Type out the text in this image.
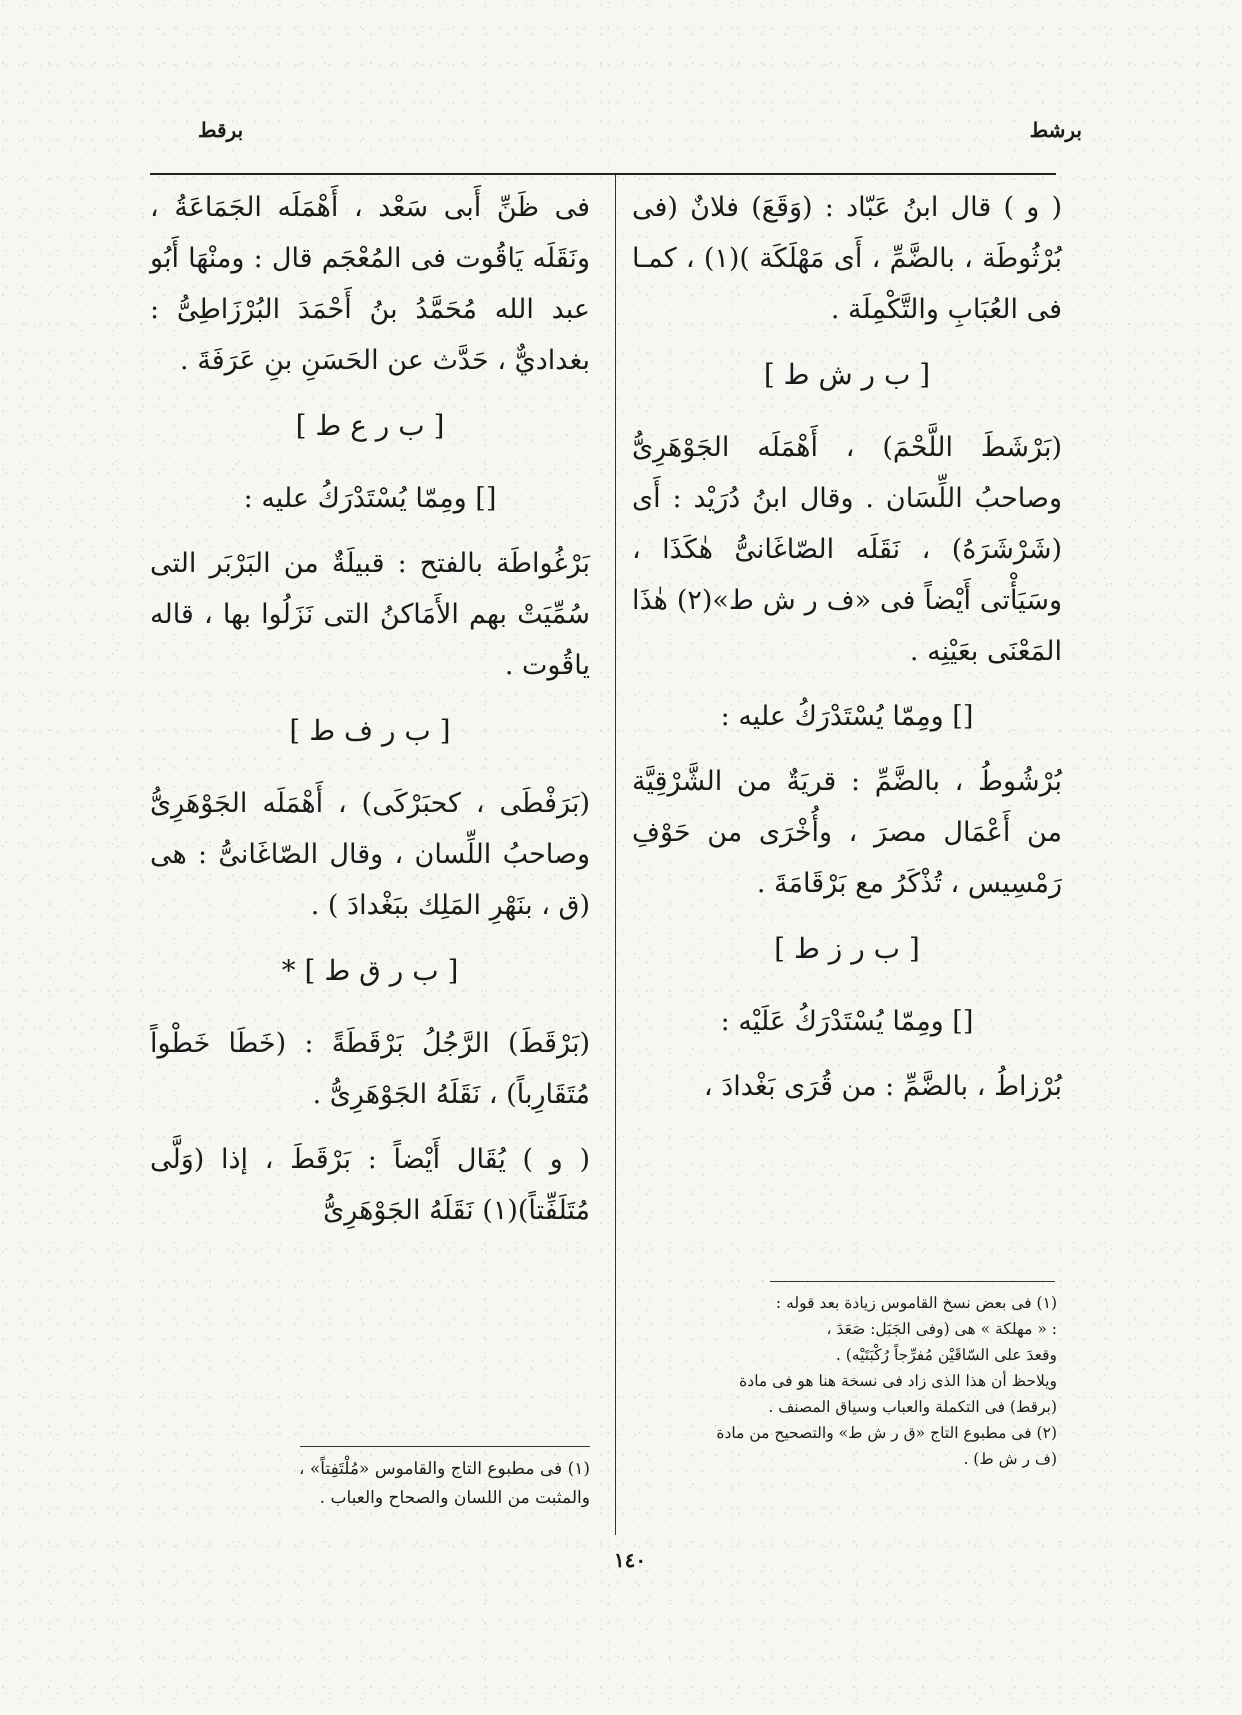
برشط
برقط

( و ) قال ابنُ عَبّاد : (وَقَعَ) فلانٌ (فى بُرْثُوطَة ، بالضَّمِّ ، أَى مَهْلَكَة )(١) ، كمـا فى العُبَابِ والتَّكْمِلَة .

[ ب ر ش ط ]

(بَرْشَطَ اللَّحْمَ) ، أَهْمَلَه الجَوْهَرِىُّ وصاحبُ اللِّسَان . وقال ابنُ دُرَيْد : أَى (شَرْشَرَهُ) ، نَقَلَه الصّاغَانىُّ هٰكَذَا ، وسَيَأْتى أَيْضاً فى «ف ر ش ط»(٢) هٰذَا المَعْنَى بعَيْنِه .

[] ومِمّا يُسْتَدْرَكُ عليه :

بُرْشُوطُ ، بالضَّمِّ : قريَةٌ من الشَّرْقِيَّة من أَعْمَال مصرَ ، وأُخْرَى من حَوْفِ رَمْسِيس ، تُذْكَرُ مع بَرْقَامَةَ .

[ ب ر ز ط ]

[] ومِمّا يُسْتَدْرَكُ عَلَيْه :

بُرْزاطُ ، بالضَّمِّ : من قُرَى بَغْدادَ ،

(١) فى بعض نسخ القاموس زيادة بعد قوله :

: « مهلكة » هى (وفى الجَبَل: صَعَدَ ،

وقعدَ على السّاقَيْن مُفرِّجاً رُكْبَتَيْه) .

ويلاحظ أن هذا الذى زاد فى نسخة هنا هو فى مادة

(برقط) فى التكملة والعباب وسياق المصنف .

(٢) فى مطبوع التاج «ق ر ش ط» والتصحيح من مادة

(ف ر ش ط) .

فى ظَنِّ أَبى سَعْد ، أَهْمَلَه الجَمَاعَةُ ، ونَقَلَه يَاقُوت فى المُعْجَم قال : ومنْهَا أَبُو عبد الله مُحَمَّدُ بنُ أَحْمَدَ البُرْزَاطِىُّ : بغداديٌّ ، حَدَّث عن الحَسَنِ بنِ عَرَفَةَ .

[ ب ر ع ط ]

[] ومِمّا يُسْتَدْرَكُ عليه :

بَرْغُواطَة بالفتح : قبيلَةٌ من البَرْبَر التى سُمِّيَتْ بهم الأَمَاكنُ التى نَزَلُوا بها ، قاله ياقُوت .

[ ب ر ف ط ]

(بَرَفْطَى ، كحبَرْكَى) ، أَهْمَلَه الجَوْهَرِىُّ وصاحبُ اللِّسان ، وقال الصّاغَانىُّ : هى (ق ، بنَهْرِ المَلِك ببَغْدادَ ) .

[ ب ر ق ط ] *

(بَرْقَطَ) الرَّجُلُ بَرْقَطَةً : (خَطَا خَطْواً مُتَقَارِباً) ، نَقَلَهُ الجَوْهَرِىُّ .

( و ) يُقَال أَيْضاً : بَرْقَطَ ، إذا (وَلَّى مُتَلَفِّتاً)(١) نَقَلَهُ الجَوْهَرِىُّ

(١) فى مطبوع التاج والقاموس «مُلْتَفِتاً» ،

والمثبت من اللسان والصحاح والعباب .

١٤٠
